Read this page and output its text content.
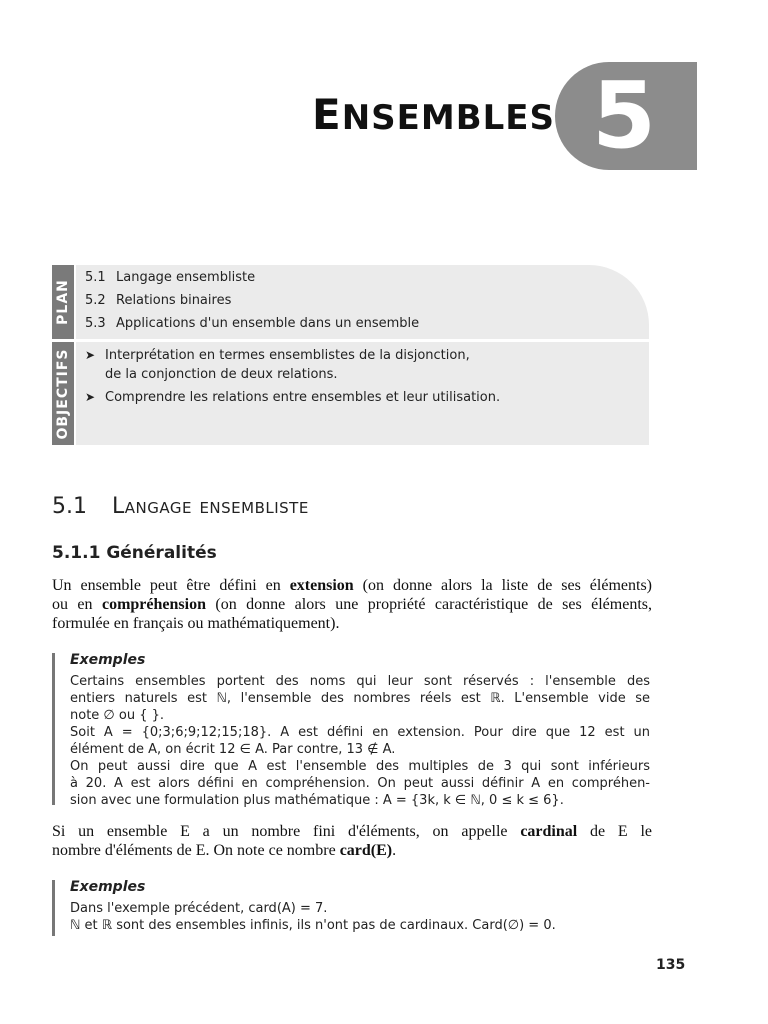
ENSEMBLES 5
PLAN
5.1 Langage ensembliste
5.2 Relations binaires
5.3 Applications d'un ensemble dans un ensemble
OBJECTIFS ➤ Interprétation en termes ensemblistes de la disjonction,
de la conjonction de deux relations.
➤ Comprendre les relations entre ensembles et leur utilisation.
5.1 Langage ensembliste
5.1.1 Généralités
Un ensemble peut être défini en extension (on donne alors la liste de ses éléments)
ou en compréhension (on donne alors une propriété caractéristique de ses éléments,
formulée en français ou mathématiquement).
Exemples
Certains ensembles portent des noms qui leur sont réservés : l'ensemble des
entiers naturels est ℕ, l'ensemble des nombres réels est ℝ. L'ensemble vide se
note ∅ ou { }.
Soit A = {0;3;6;9;12;15;18}. A est défini en extension. Pour dire que 12 est un
élément de A, on écrit 12 ∈ A. Par contre, 13 ∉ A.
On peut aussi dire que A est l'ensemble des multiples de 3 qui sont inférieurs
à 20. A est alors défini en compréhension. On peut aussi définir A en compréhen-
sion avec une formulation plus mathématique : A = {3k, k ∈ ℕ, 0 ≤ k ≤ 6}.
Si un ensemble E a un nombre fini d'éléments, on appelle cardinal de E le
nombre d'éléments de E. On note ce nombre card(E).
Exemples
Dans l'exemple précédent, card(A) = 7.
ℕ et ℝ sont des ensembles infinis, ils n'ont pas de cardinaux. Card(∅) = 0.
135
